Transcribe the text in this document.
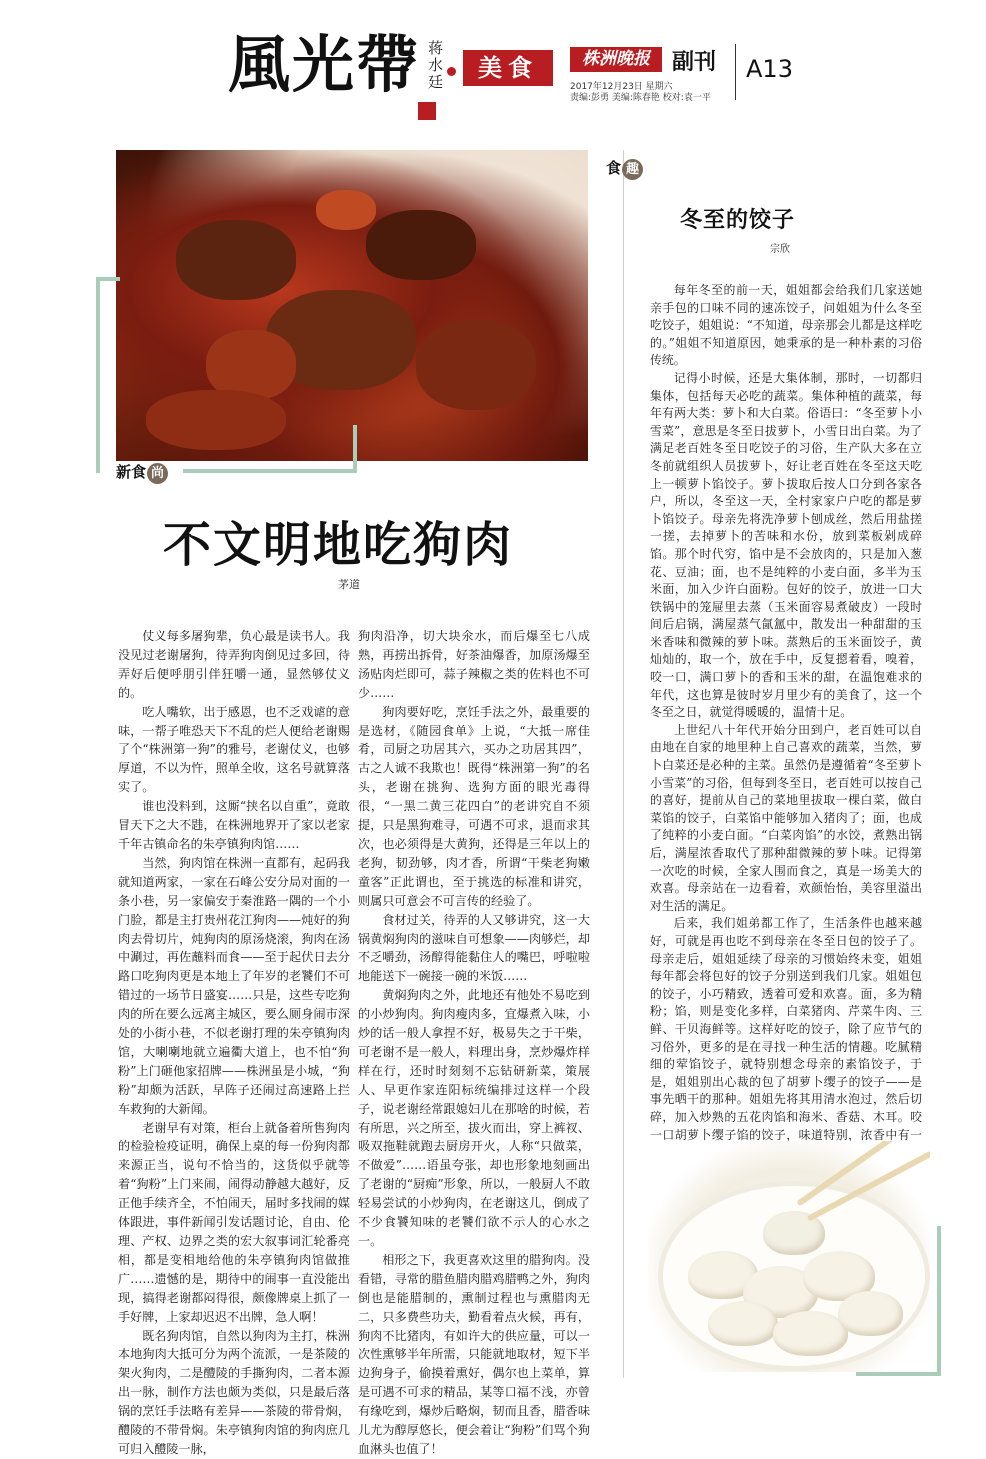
風光帶 蒋水廷	美食	株洲晚报	副刊 A13
2017年12月23日 星期六
责编:彭勇 美编:陈春艳 校对:袁一平
新食 尚
不文明地吃狗肉
茅道

仗义每多屠狗辈，负心最是读书人。我没见过老谢屠狗，待弄狗肉倒见过多回，待弄好后便呼朋引伴狂嚼一通，显然够仗义的。

吃人嘴软，出于感恩，也不乏戏谑的意味，一帮子唯恐天下不乱的烂人便给老谢赐了个“株洲第一狗”的雅号，老谢仗义，也够厚道，不以为忤，照单全收，这名号就算落实了。

谁也没料到，这厮“挟名以自重”，竟敢冒天下之大不韪，在株洲地界开了家以老家千年古镇命名的朱亭镇狗肉馆……

当然，狗肉馆在株洲一直都有，起码我就知道两家，一家在石峰公安分局对面的一条小巷，另一家偏安于秦淮路一隅的一个小门脸，都是主打贵州花江狗肉——炖好的狗肉去骨切片，炖狗肉的原汤烧滚，狗肉在汤中涮过，再佐蘸料而食——至于起伏日去分路口吃狗肉更是本地上了年岁的老饕们不可错过的一场节日盛宴……只是，这些专吃狗肉的所在要么远离主城区，要么厕身闹市深处的小街小巷，不似老谢打理的朱亭镇狗肉馆，大喇喇地就立遍衢大道上，也不怕“狗粉”上门砸他家招牌——株洲虽是小城，“狗粉”却颇为活跃，早阵子还闹过高速路上拦车救狗的大新闻。

老谢早有对策，柜台上就备着所售狗肉的检验检疫证明，确保上桌的每一份狗肉都来源正当，说句不恰当的，这货似乎就等着“狗粉”上门来闹，闹得动静越大越好，反正他手续齐全，不怕闹天，届时多找闹的媒体跟进，事件新闻引发话题讨论，自由、伦理、产权、边界之类的宏大叙事词汇轮番亮相，都是变相地给他的朱亭镇狗肉馆做推广……遗憾的是，期待中的闹事一直没能出现，搞得老谢都闷得很，颇像牌桌上抓了一手好牌，上家却迟迟不出牌，急人啊！

既名狗肉馆，自然以狗肉为主打，株洲本地狗肉大抵可分为两个流派，一是茶陵的架火狗肉，二是醴陵的手撕狗肉，二者本源出一脉，制作方法也颇为类似，只是最后落锅的烹饪手法略有差异——茶陵的带骨焖，醴陵的不带骨焖。朱亭镇狗肉馆的狗肉庶几可归入醴陵一脉，

狗肉沿净，切大块氽水，而后爆至七八成熟，再捞出拆骨，好茶油爆香，加原汤爆至汤贴肉烂即可，蒜子辣椒之类的佐料也不可少……

狗肉要好吃，烹饪手法之外，最重要的是选材，《随园食单》上说，“大抵一席佳肴，司厨之功居其六，买办之功居其四”，古之人诚不我欺也！既得“株洲第一狗”的名头，老谢在挑狗、选狗方面的眼光毒得很，“一黑二黄三花四白”的老讲究自不须提，只是黑狗难寻，可遇不可求，退而求其次，也必须得是大黄狗，还得是三年以上的老狗，韧劲够，肉才香，所谓“干柴老狗嫩童客”正此谓也，至于挑选的标准和讲究，则属只可意会不可言传的经验了。

食材过关，待弄的人又够讲究，这一大锅黄焖狗肉的滋味自可想象——肉够烂，却不乏嚼劲，汤醇得能黏住人的嘴巴，呼啦啦地能送下一碗接一碗的米饭……

黄焖狗肉之外，此地还有他处不易吃到的小炒狗肉。狗肉瘦肉多，宜爆煮入味，小炒的话一般人拿捏不好，极易失之于干柴，可老谢不是一般人，料理出身，烹炒爆炸样样在行，还时时刻刻不忘钻研新菜，策展人、早更作家连阳标统编排过这样一个段子，说老谢经常跟媳妇儿在那啥的时候，若有所思，兴之所至，拔火而出，穿上裤衩、吸双拖鞋就跑去厨房开火，人称“只做菜，不做爱”……语虽夸张，却也形象地刻画出了老谢的“厨痴”形象，所以，一般厨人不敢轻易尝试的小炒狗肉，在老谢这儿，倒成了不少食饕知味的老饕们欲不示人的心水之一。

相形之下，我更喜欢这里的腊狗肉。没看错，寻常的腊鱼腊肉腊鸡腊鸭之外，狗肉倒也是能腊制的，熏制过程也与熏腊肉无二，只多费些功夫，勤看着点火候，再有，狗肉不比猪肉，有如许大的供应量，可以一次性熏够半年所需，只能就地取材，短下半边狗身子，偷摸着熏好，偶尔也上菜单，算是可遇不可求的精品，某等口福不浅，亦曾有缘吃到，爆炒后略焖，韧而且香，腊香味儿尤为醇厚悠长，便会着让“狗粉”们骂个狗血淋头也值了！

食 趣
冬至的饺子
宗欣

每年冬至的前一天，姐姐都会给我们几家送她亲手包的口味不同的速冻饺子，问姐姐为什么冬至吃饺子，姐姐说：“不知道，母亲那会儿都是这样吃的。”姐姐不知道原因，她秉承的是一种朴素的习俗传统。

记得小时候，还是大集体制，那时，一切都归集体，包括每天必吃的蔬菜。集体种植的蔬菜，每年有两大类：萝卜和大白菜。俗语曰：“冬至萝卜小雪菜”，意思是冬至日拔萝卜，小雪日出白菜。为了满足老百姓冬至日吃饺子的习俗，生产队大多在立冬前就组织人员拔萝卜，好让老百姓在冬至这天吃上一顿萝卜馅饺子。萝卜拔取后按人口分到各家各户，所以，冬至这一天，全村家家户户吃的都是萝卜馅饺子。母亲先将洗净萝卜刨成丝，然后用盐搓一搓，去掉萝卜的苦味和水份，放到菜板剁成碎馅。那个时代穷，馅中是不会放肉的，只是加入葱花、豆油；面，也不是纯粹的小麦白面，多半为玉米面，加入少许白面粉。包好的饺子，放进一口大铁锅中的笼屉里去蒸（玉米面容易煮破皮）一段时间后启锅，满屋蒸气氤氲中，散发出一种甜甜的玉米香味和微辣的萝卜味。蒸熟后的玉米面饺子，黄灿灿的，取一个，放在手中，反复摁着看，嗅着，咬一口，满口萝卜的香和玉米的甜，在温饱难求的年代，这也算是彼时岁月里少有的美食了，这一个冬至之日，就觉得暖暖的，温情十足。

上世纪八十年代开始分田到户，老百姓可以自由地在自家的地里种上自己喜欢的蔬菜，当然，萝卜白菜还是必种的主菜。虽然仍是遵循着“冬至萝卜小雪菜”的习俗，但每到冬至日，老百姓可以按自己的喜好，提前从自己的菜地里拔取一棵白菜，做白菜馅的饺子，白菜馅中能够加入猪肉了；面，也成了纯粹的小麦白面。“白菜肉馅”的水饺，煮熟出锅后，满屋浓香取代了那种甜微辣的萝卜味。记得第一次吃的时候，全家人围而食之，真是一场美大的欢喜。母亲站在一边看着，欢颜怡怡，美容里溢出对生活的满足。

后来，我们姐弟都工作了，生活条件也越来越好，可就是再也吃不到母亲在冬至日包的饺子了。母亲走后，姐姐延续了母亲的习惯始终未变，姐姐每年都会将包好的饺子分别送到我们几家。姐姐包的饺子，小巧精致，透着可爱和欢喜。面，多为精粉；馅，则是变化多样，白菜猪肉、芹菜牛肉、三鲜、干贝海鲜等。这样好吃的饺子，除了应节气的习俗外，更多的是在寻找一种生活的情趣。吃腻精细的荤馅饺子，就特别想念母亲的素馅饺子，于是，姐姐别出心裁的包了胡萝卜缨子的饺子——是事先晒干的那种。姐姐先将其用清水泡过，然后切碎，加入炒熟的五花肉馅和海米、香菇、木耳。咬一口胡萝卜缨子馅的饺子，味道特别，浓香中有一
